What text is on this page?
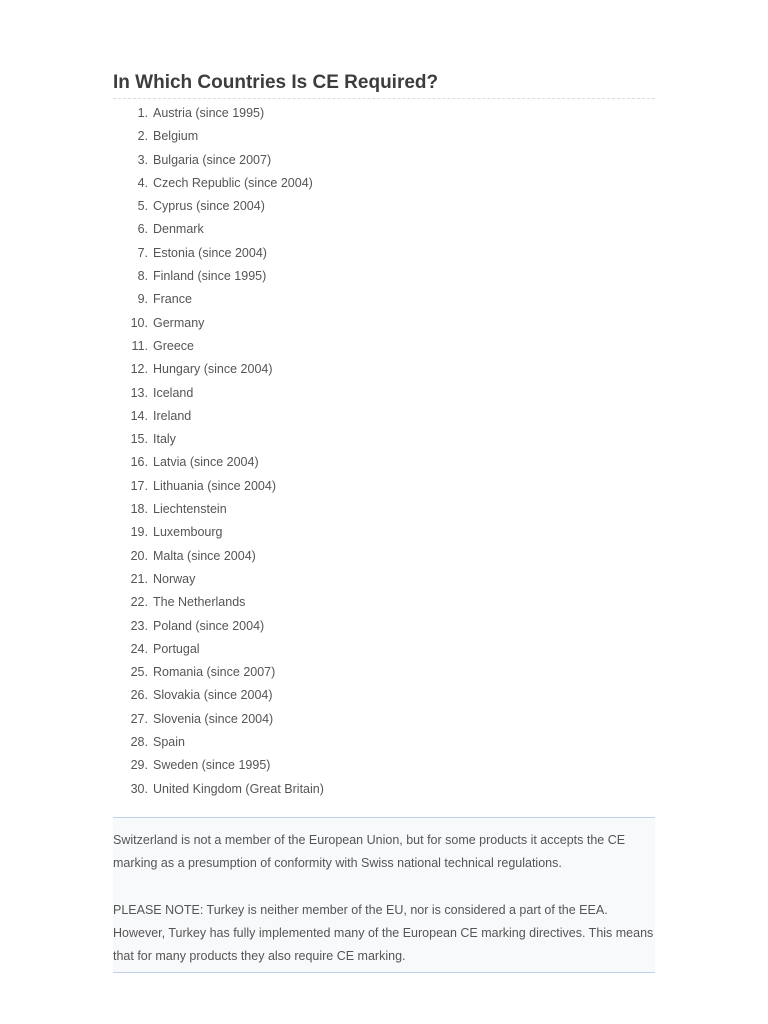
In Which Countries Is CE Required?
1. Austria (since 1995)
2. Belgium
3. Bulgaria (since 2007)
4. Czech Republic (since 2004)
5. Cyprus (since 2004)
6. Denmark
7. Estonia (since 2004)
8. Finland (since 1995)
9. France
10. Germany
11. Greece
12. Hungary (since 2004)
13. Iceland
14. Ireland
15. Italy
16. Latvia (since 2004)
17. Lithuania (since 2004)
18. Liechtenstein
19. Luxembourg
20. Malta (since 2004)
21. Norway
22. The Netherlands
23. Poland (since 2004)
24. Portugal
25. Romania (since 2007)
26. Slovakia (since 2004)
27. Slovenia (since 2004)
28. Spain
29. Sweden (since 1995)
30. United Kingdom (Great Britain)

Switzerland is not a member of the European Union, but for some products it accepts the CE marking as a presumption of conformity with Swiss national technical regulations.

PLEASE NOTE: Turkey is neither member of the EU, nor is considered a part of the EEA. However, Turkey has fully implemented many of the European CE marking directives. This means that for many products they also require CE marking.
